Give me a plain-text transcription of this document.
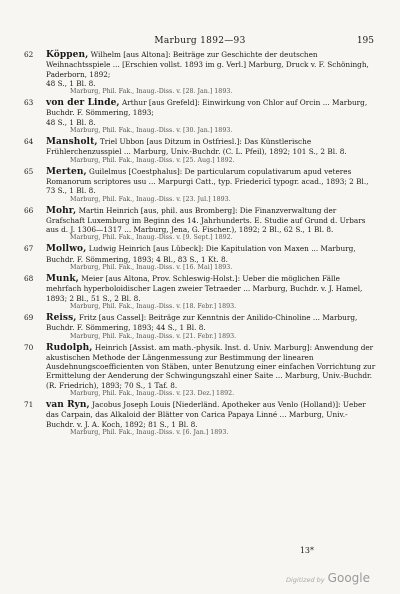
Marburg 1892—93	195
62	Köppen, Wilhelm [aus Altona]: Beiträge zur Geschichte der deutschen Weihnachtsspiele ... [Erschien vollst. 1893 im g. Verl.] Marburg, Druck v. F. Schöningh, Paderborn, 1892;
48 S., 1 Bl. 8.
Marburg, Phil. Fak., Inaug.-Diss. v. [28. Jan.] 1893.
63	von der Linde, Arthur [aus Grefeld]: Einwirkung von Chlor auf Orcin ... Marburg, Buchdr. F. Sömmering, 1893;
48 S., 1 Bl. 8.
Marburg, Phil. Fak., Inaug.-Diss. v. [30. Jan.] 1893.
64	Mansholt, Triel Ubbon [aus Ditzum in Ostfriesl.]: Das Künstlerische Frühlerchenzusspiel ... Marburg, Univ.-Buchdr. (C. L. Pfeil), 1892; 101 S., 2 Bl. 8.
Marburg, Phil. Fak., Inaug.-Diss. v. [25. Aug.] 1892.
65	Merten, Guilelmus [Coestphalus]: De particularum copulativarum apud veteres Romanorum scriptores usu ... Marpurgi Catt., typ. Friedericī typogr. acad., 1893; 2 Bl., 73 S., 1 Bl. 8.
Marburg, Phil. Fak., Inaug.-Diss. v. [23. Jul.] 1893.
66	Mohr, Martin Heinrich [aus, phil. aus Bromberg]: Die Finanzverwaltung der Grafschaft Luxemburg im Beginn des 14. Jahrhunderts. E. Studie auf Grund d. Urbars aus d. J. 1306—1317 ... Marburg, Jena, G. Fischer.), 1892; 2 Bl., 62 S., 1 Bl. 8.
Marburg, Phil. Fak., Inaug.-Diss. v. [9. Sept.] 1892.
67	Mollwo, Ludwig Heinrich [aus Lübeck]: Die Kapitulation von Maxen ... Marburg, Buchdr. F. Sömmering, 1893; 4 Bl., 83 S., 1 Kt. 8.
Marburg, Phil. Fak., Inaug.-Diss. v. [16. Mai] 1893.
68	Munk, Meier [aus Altona, Prov. Schleswig-Holst.]: Ueber die möglichen Fälle mehrfach hyperboloidischer Lagen zweier Tetraeder ... Marburg, Buchdr. v. J. Hamel, 1893; 2 Bl., 51 S., 2 Bl. 8.
Marburg, Phil. Fak., Inaug.-Diss. v. [18. Febr.] 1893.
69	Reiss, Fritz [aus Cassel]: Beiträge zur Kenntnis der Anilido-Chinolinе ... Marburg, Buchdr. F. Sömmering, 1893; 44 S., 1 Bl. 8.
Marburg, Phil. Fak., Inaug.-Diss. v. [21. Febr.] 1893.
70	Rudolph, Heinrich [Assist. am math.-physik. Inst. d. Univ. Marburg]: Anwendung der akustischen Methode der Längenmessung zur Bestimmung der linearen Ausdehnungscoefficienten von Stäben, unter Benutzung einer einfachen Vorrichtung zur Ermittelung der Aenderung der Schwingungszahl einer Saite ... Marburg, Univ.-Buchdr. (R. Friedrich), 1893; 70 S., 1 Taf. 8.
Marburg, Phil. Fak., Inaug.-Diss. v. [23. Dez.] 1892.
71	van Ryn, Jacobus Joseph Louis [Niederländ. Apotheker aus Venlo (Holland)]: Ueber das Carpain, das Alkaloid der Blätter von Carica Papaya Linné ... Marburg, Univ.-Buchdr. v. J. A. Koch, 1892; 81 S., 1 Bl. 8.
Marburg, Phil. Fak., Inaug.-Diss. v. [6. Jan.] 1893.
13*
Digitized by Google
